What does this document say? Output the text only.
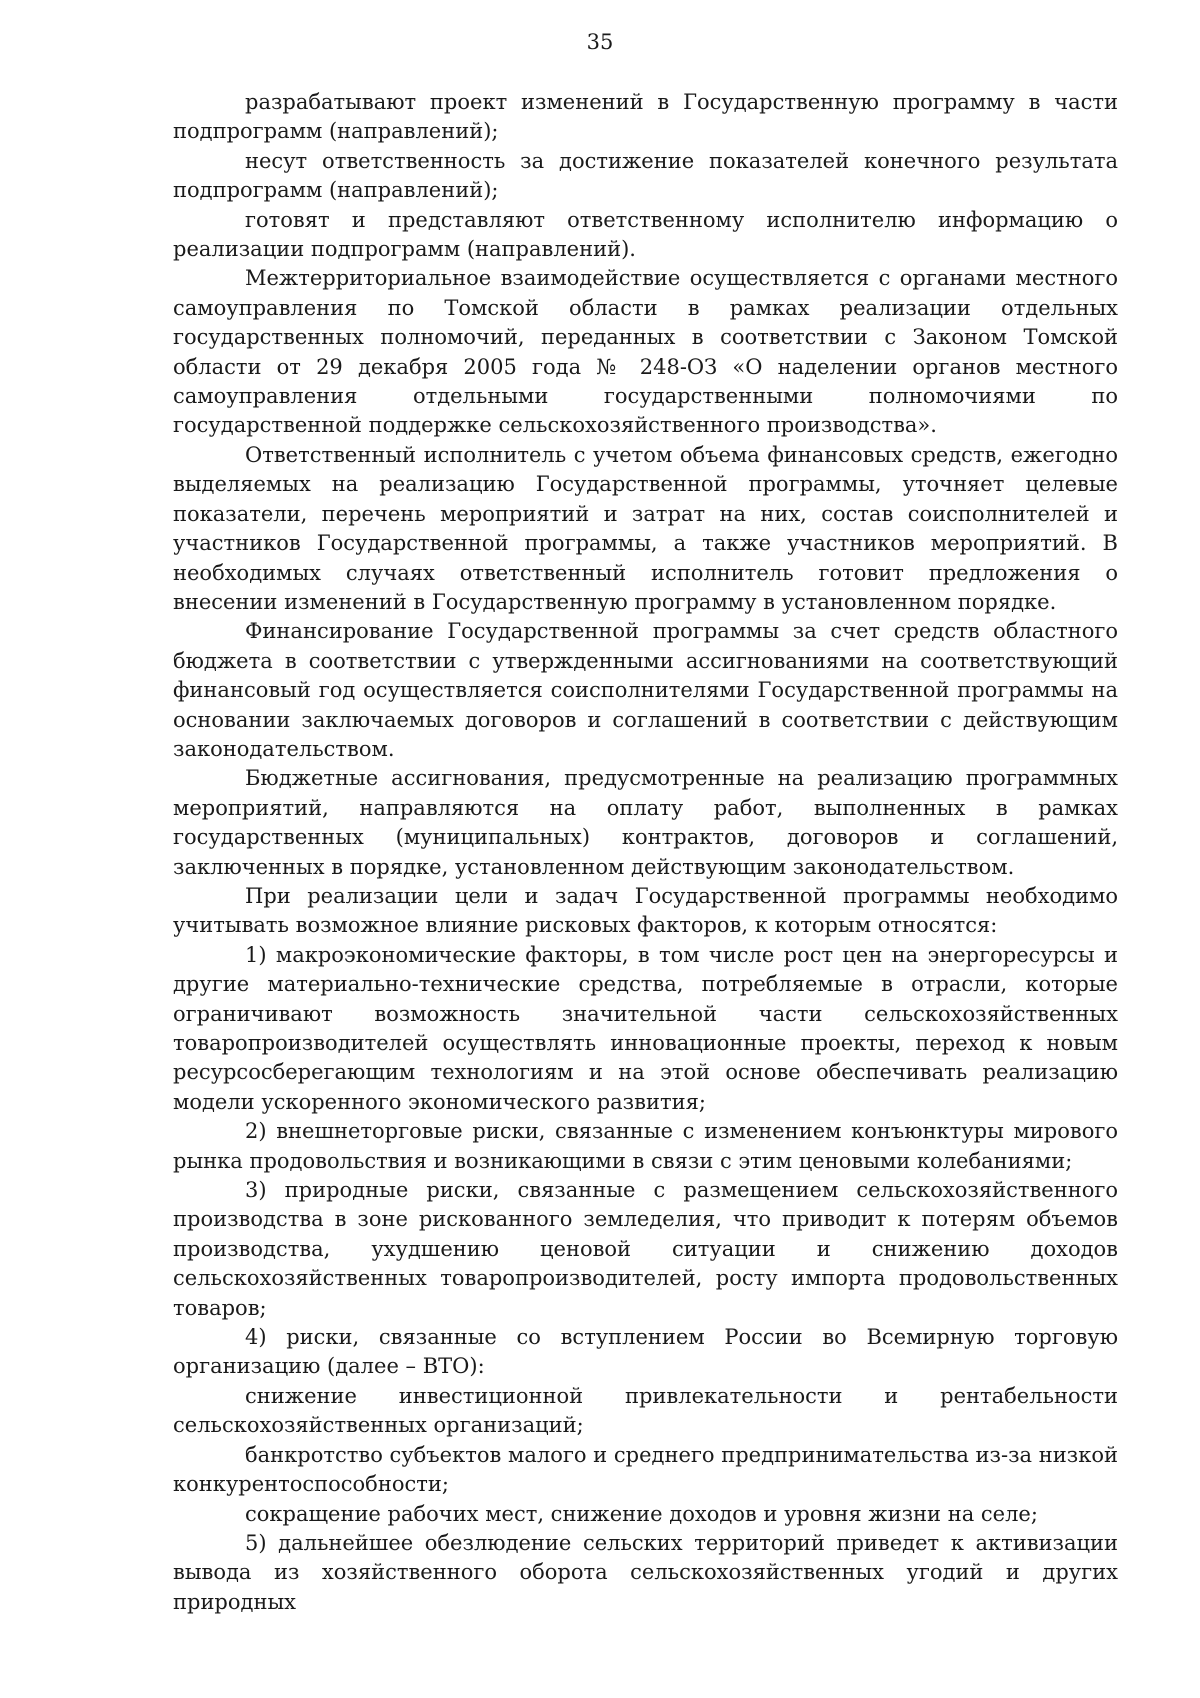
35

разрабатывают проект изменений в Государственную программу в части подпрограмм (направлений);

несут ответственность за достижение показателей конечного результата подпрограмм (направлений);

готовят и представляют ответственному исполнителю информацию о реализации подпрограмм (направлений).

Межтерриториальное взаимодействие осуществляется с органами местного самоуправления по Томской области в рамках реализации отдельных государственных полномочий, переданных в соответствии с Законом Томской области от 29 декабря 2005 года № 248-ОЗ «О наделении органов местного самоуправления отдельными государственными полномочиями по государственной поддержке сельскохозяйственного производства».

Ответственный исполнитель с учетом объема финансовых средств, ежегодно выделяемых на реализацию Государственной программы, уточняет целевые показатели, перечень мероприятий и затрат на них, состав соисполнителей и участников Государственной программы, а также участников мероприятий. В необходимых случаях ответственный исполнитель готовит предложения о внесении изменений в Государственную программу в установленном порядке.

Финансирование Государственной программы за счет средств областного бюджета в соответствии с утвержденными ассигнованиями на соответствующий финансовый год осуществляется соисполнителями Государственной программы на основании заключаемых договоров и соглашений в соответствии с действующим законодательством.

Бюджетные ассигнования, предусмотренные на реализацию программных мероприятий, направляются на оплату работ, выполненных в рамках государственных (муниципальных) контрактов, договоров и соглашений, заключенных в порядке, установленном действующим законодательством.

При реализации цели и задач Государственной программы необходимо учитывать возможное влияние рисковых факторов, к которым относятся:

1) макроэкономические факторы, в том числе рост цен на энергоресурсы и другие материально-технические средства, потребляемые в отрасли, которые ограничивают возможность значительной части сельскохозяйственных товаропроизводителей осуществлять инновационные проекты, переход к новым ресурсосберегающим технологиям и на этой основе обеспечивать реализацию модели ускоренного экономического развития;

2) внешнеторговые риски, связанные с изменением конъюнктуры мирового рынка продовольствия и возникающими в связи с этим ценовыми колебаниями;

3) природные риски, связанные с размещением сельскохозяйственного производства в зоне рискованного земледелия, что приводит к потерям объемов производства, ухудшению ценовой ситуации и снижению доходов сельскохозяйственных товаропроизводителей, росту импорта продовольственных товаров;

4) риски, связанные со вступлением России во Всемирную торговую организацию (далее – ВТО):

снижение инвестиционной привлекательности и рентабельности сельскохозяйственных организаций;

банкротство субъектов малого и среднего предпринимательства из-за низкой конкурентоспособности;

сокращение рабочих мест, снижение доходов и уровня жизни на селе;

5) дальнейшее обезлюдение сельских территорий приведет к активизации вывода из хозяйственного оборота сельскохозяйственных угодий и других природных
